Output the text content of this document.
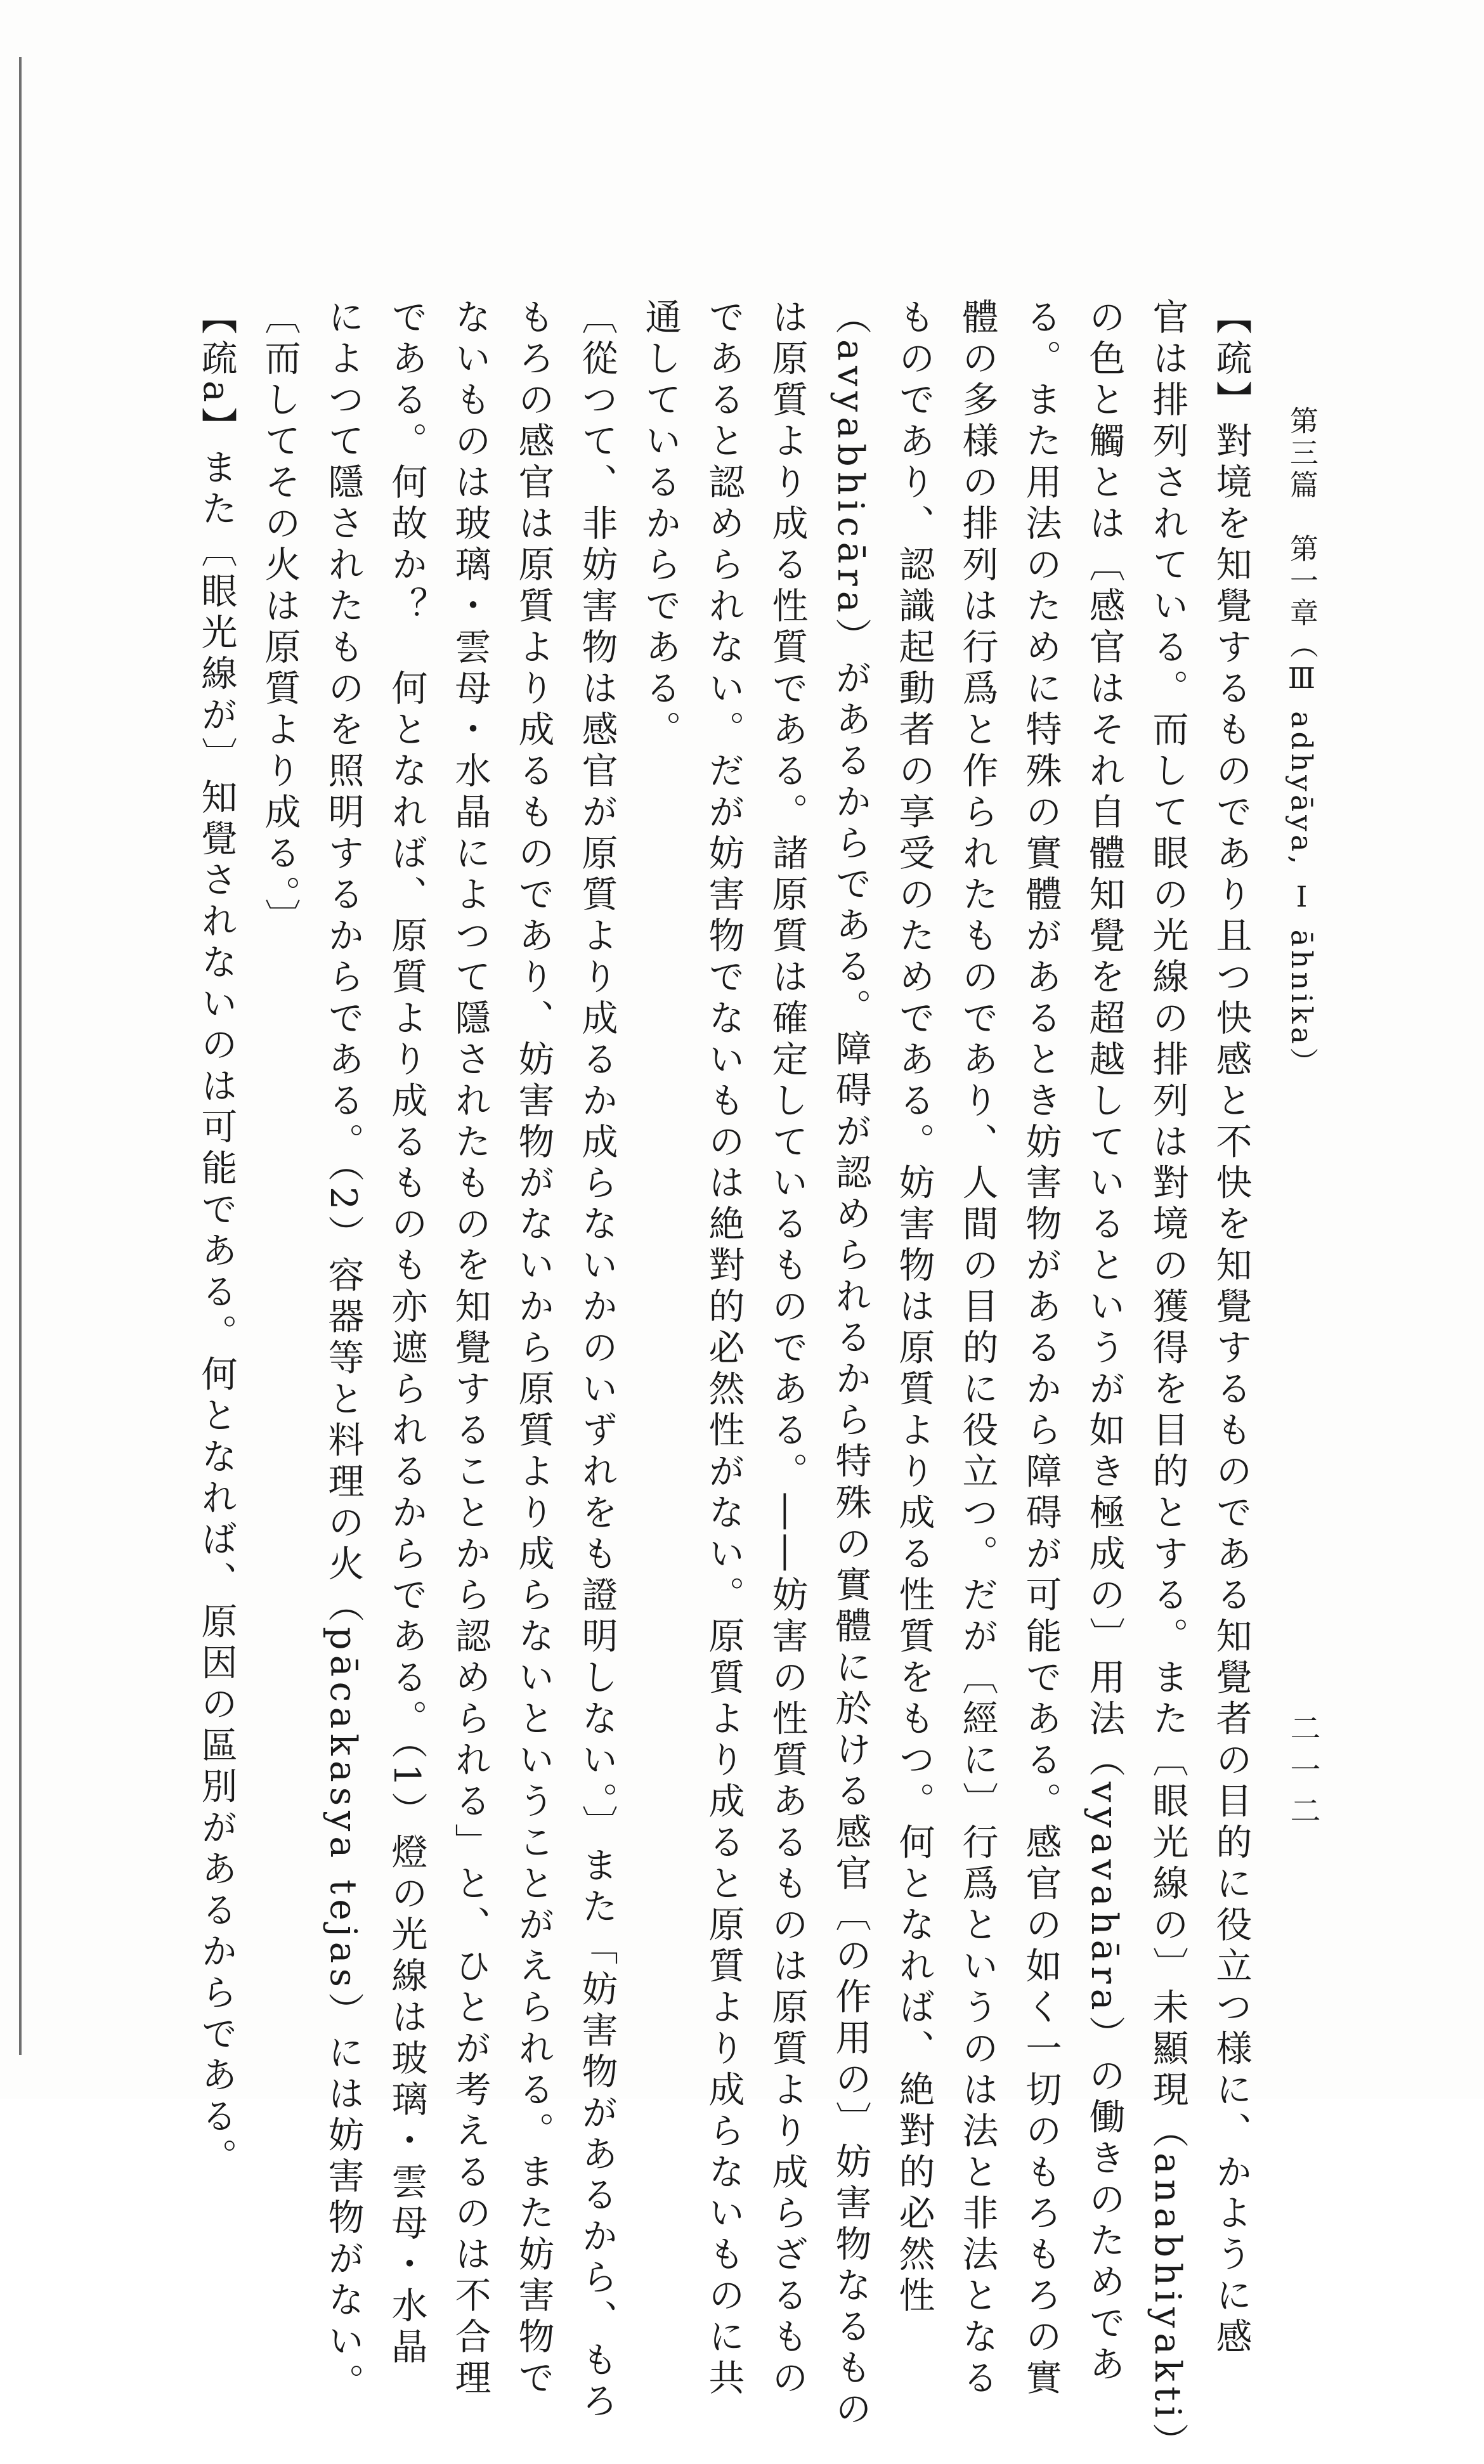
第三篇　第一章（Ⅲ adhyāya, Ⅰ āhnika）
【疏】對境を知覺するものであり且つ快感と不快を知覺するものである知覺者の目的に役立つ様に、かように感
官は排列されている。而して眼の光線の排列は對境の獲得を目的とする。また〔眼光線の〕未顯現（anabhiyakti）
の色と觸とは〔感官はそれ自體知覺を超越しているというが如き極成の〕用法（vyavahāra）の働きのためであ
る。また用法のために特殊の實體があるとき妨害物があるから障碍が可能である。感官の如く一切のもろもろの實
體の多様の排列は行爲と作られたものであり、人間の目的に役立つ。だが〔經に〕行爲というのは法と非法となる
ものであり、認識起動者の享受のためである。妨害物は原質より成る性質をもつ。何となれば、絶對的必然性
（avyabhicāra）があるからである。障碍が認められるから特殊の實體に於ける感官〔の作用の〕妨害物なるもの
は原質より成る性質である。諸原質は確定しているものである。――妨害の性質あるものは原質より成らざるもの
であると認められない。だが妨害物でないものは絶對的必然性がない。原質より成ると原質より成らないものに共
通しているからである。
〔從つて、非妨害物は感官が原質より成るか成らないかのいずれをも證明しない。〕また「妨害物があるから、もろ
もろの感官は原質より成るものであり、妨害物がないから原質より成らないということがえられる。また妨害物で
ないものは玻璃・雲母・水晶によつて隱されたものを知覺することから認められる」と、ひとが考えるのは不合理
である。何故か？　何となれば、原質より成るものも亦遮られるからである。（1）燈の光線は玻璃・雲母・水晶
によつて隱されたものを照明するからである。（2）容器等と料理の火（pācakasya tejas）には妨害物がない。
〔而してその火は原質より成る。〕
【疏a】また〔眼光線が〕知覺されないのは可能である。何となれば、原因の區別があるからである。	二一二
